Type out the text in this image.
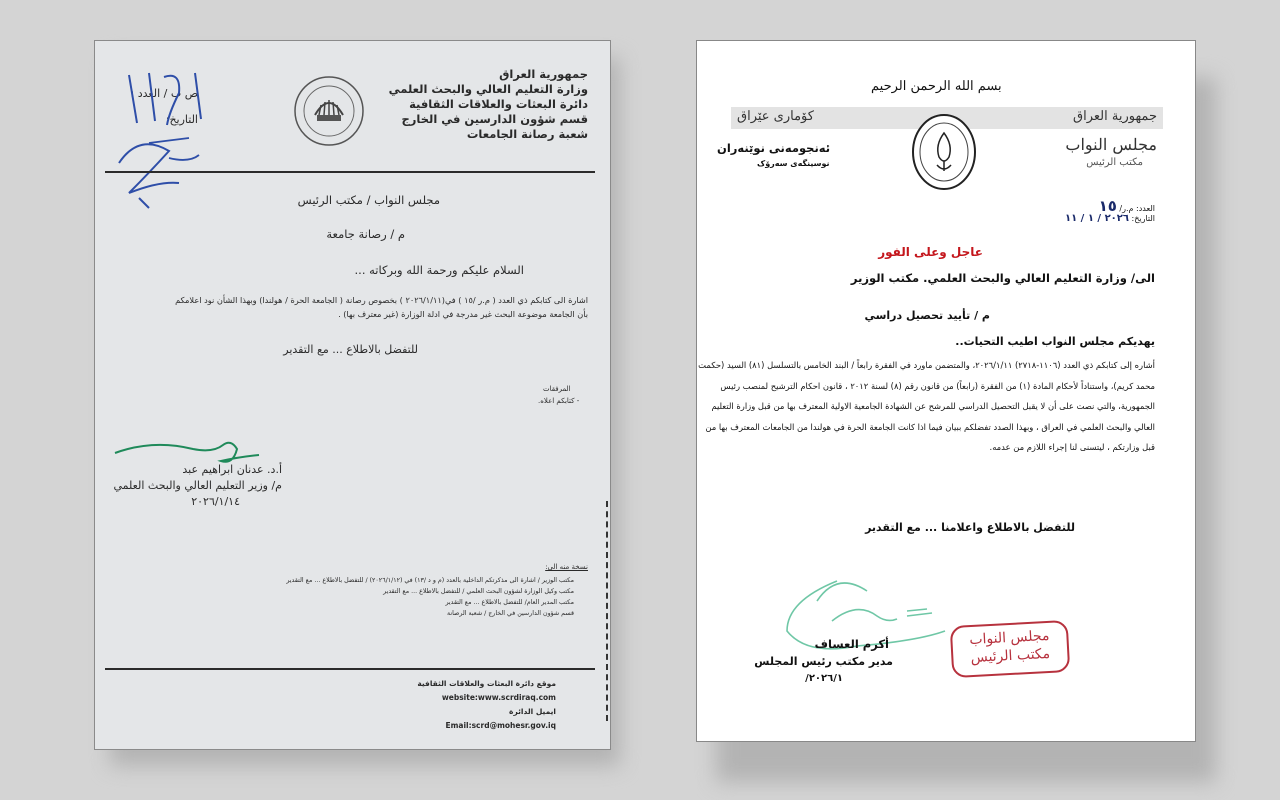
جمهورية العراق
وزارة التعليم العالي والبحث العلمي
دائرة البعثات والعلاقات الثقافية
قسم شؤون الدارسين في الخارج
شعبة رصانة الجامعات
ص ب / العدد :
التاريخ:
مجلس النواب / مكتب الرئيس
م / رصانة جامعة
السلام عليكم ورحمة الله وبركاته ...
اشارة الى كتابكم ذي العدد ( م.ر /١٥ ) في(٢٠٢٦/١/١١ ) بخصوص رصانة ( الجامعة الحرة / هولندا) وبهذا الشأن نود اعلامكم
بأن الجامعة موضوعة البحث غير مدرجة في ادلة الوزارة (غير معترف بها) .
للتفضل بالاطلاع ... مع التقدير
المرفقات
- كتابكم اعلاه.
أ.د. عدنان ابراهيم عبد
م/ وزير التعليم العالي والبحث العلمي
٢٠٢٦/١/١٤
نسخة منه الى:
مكتب الوزير / اشارة الى مذكرتكم الداخلية بالعدد (م و د /١٣) في (٢٠٢٦/١/١٢) / للتفضل بالاطلاع ... مع التقدير
مكتب وكيل الوزارة لشؤون البحث العلمي / للتفضل بالاطلاع ... مع التقدير
مكتب المدير العام/ للتفضل بالاطلاع ... مع التقدير
قسم شؤون الدارسين في الخارج / شعبة الرصانة
موقع دائرة البعثات والعلاقات الثقافية
website:www.scrdiraq.com
ايميل الدائرة
Email:scrd@mohesr.gov.iq
بسم الله الرحمن الرحيم
جمهورية العراق
كۆماری عێراق
مجلس النواب
مكتب الرئيس
ئەنجومەنی نوێنەران
نوسینگەی سەرۆک
العدد: م.ر/ ١٥
التاريخ: ٢٠٢٦ / ١ / ١١
عاجل وعلى الفور
الى/ وزارة التعليم العالي والبحث العلمي. مكتب الوزير
م / تأييد تحصيل دراسي
يهديكم مجلس النواب اطيب التحيات..
أشاره إلى كتابكم ذي العدد (١١٠٦-٢٧١٨) ٢٠٢٦/١/١١، والمتضمن ماورد في الفقرة رابعاً / البند الخامس بالتسلسل (٨١) السيد (حكمت محمد كريم)، واستناداً لأحكام المادة (١) من الفقرة (رابعاً) من قانون رقم (٨) لسنة ٢٠١٢ ، قانون احكام الترشيح لمنصب رئيس الجمهورية، والتي نصت على أن لا يقبل التحصيل الدراسي للمرشح عن الشهادة الجامعية الاولية المعترف بها من قبل وزارة التعليم العالي والبحث العلمي في العراق ، وبهذا الصدد تفضلكم ببيان فيما اذا كانت الجامعة الحرة في هولندا من الجامعات المعترف بها من قبل وزارتكم ، ليتسنى لنا إجراء اللازم من عدمه.
للتفضل بالاطلاع واعلامنا ... مع التقدير
أكرم العساف
مدير مكتب رئيس المجلس
٢٠٢٦/١/
مجلس النواب
مكتب الرئيس
